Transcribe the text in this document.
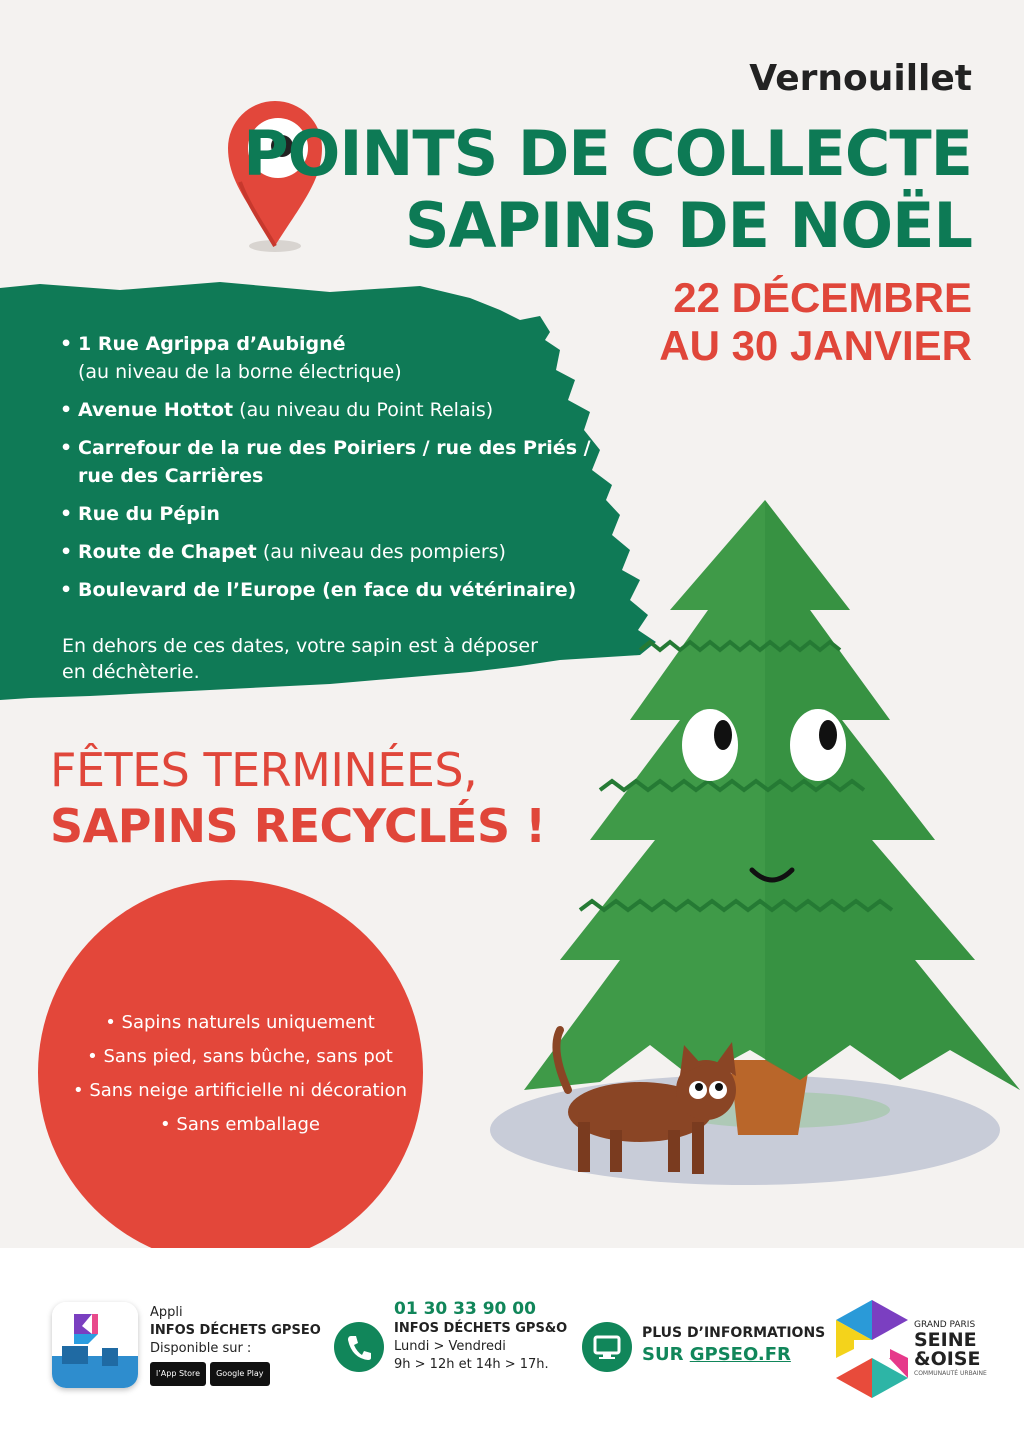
Vernouillet
POINTS DE COLLECTE
SAPINS DE NOËL
22 DÉCEMBRE
AU 30 JANVIER
• 1 Rue Agrippa d’Aubigné
(au niveau de la borne électrique)
• Avenue Hottot (au niveau du Point Relais)
• Carrefour de la rue des Poiriers / rue des Priés / rue des Carrières
• Rue du Pépin
• Route de Chapet (au niveau des pompiers)
• Boulevard de l’Europe (en face du vétérinaire)
En dehors de ces dates, votre sapin est à déposer en déchèterie.
FÊTES TERMINÉES,
SAPINS RECYCLÉS !
• Sapins naturels uniquement
• Sans pied, sans bûche, sans pot
• Sans neige artificielle ni décoration
• Sans emballage
Appli
INFOS DÉCHETS GPSEO
Disponible sur :
l’App Store Google Play
01 30 33 90 00
INFOS DÉCHETS GPS&O
Lundi > Vendredi
9h > 12h et 14h > 17h.
PLUS D’INFORMATIONS
SUR GPSEO.FR
GRAND PARIS
SEINE
&OISE
COMMUNAUTÉ URBAINE
